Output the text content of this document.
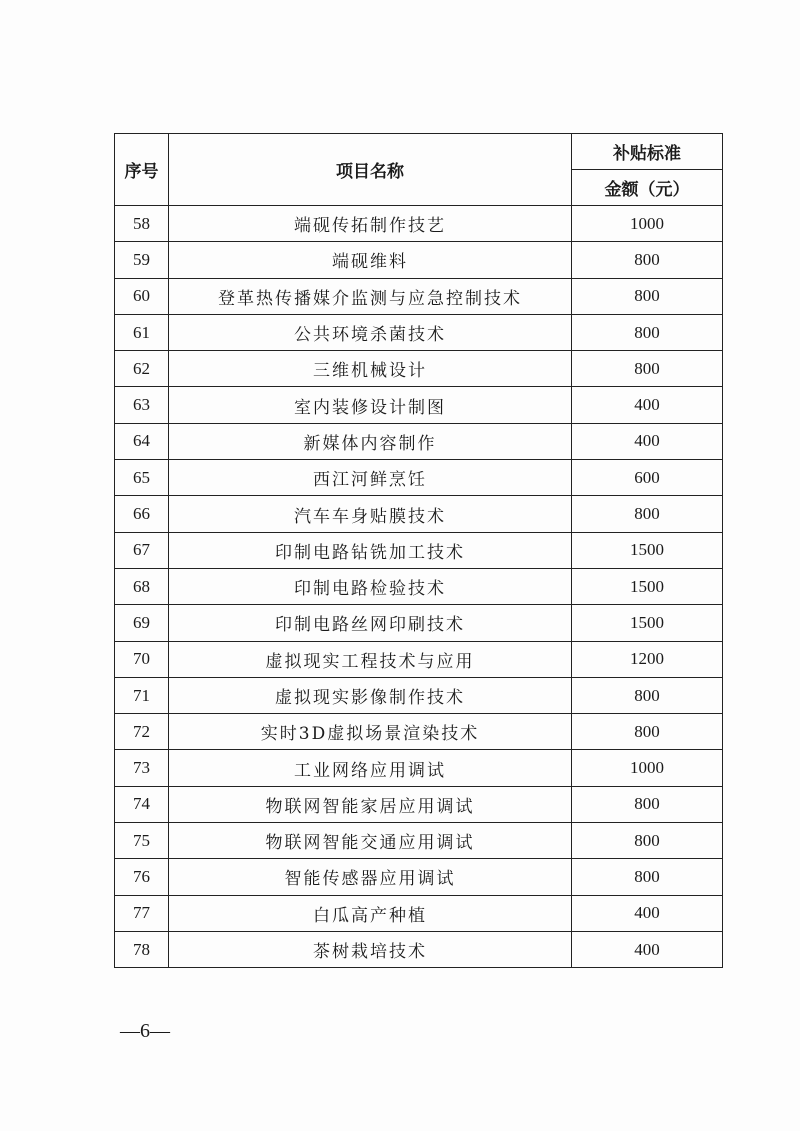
序号	项目名称	补贴标准
		金额（元）
58	端砚传拓制作技艺	1000
59	端砚维料	800
60	登革热传播媒介监测与应急控制技术	800
61	公共环境杀菌技术	800
62	三维机械设计	800
63	室内装修设计制图	400
64	新媒体内容制作	400
65	西江河鲜烹饪	600
66	汽车车身贴膜技术	800
67	印制电路钻铣加工技术	1500
68	印制电路检验技术	1500
69	印制电路丝网印刷技术	1500
70	虚拟现实工程技术与应用	1200
71	虚拟现实影像制作技术	800
72	实时3D虚拟场景渲染技术	800
73	工业网络应用调试	1000
74	物联网智能家居应用调试	800
75	物联网智能交通应用调试	800
76	智能传感器应用调试	800
77	白瓜高产种植	400
78	茶树栽培技术	400
—6—
